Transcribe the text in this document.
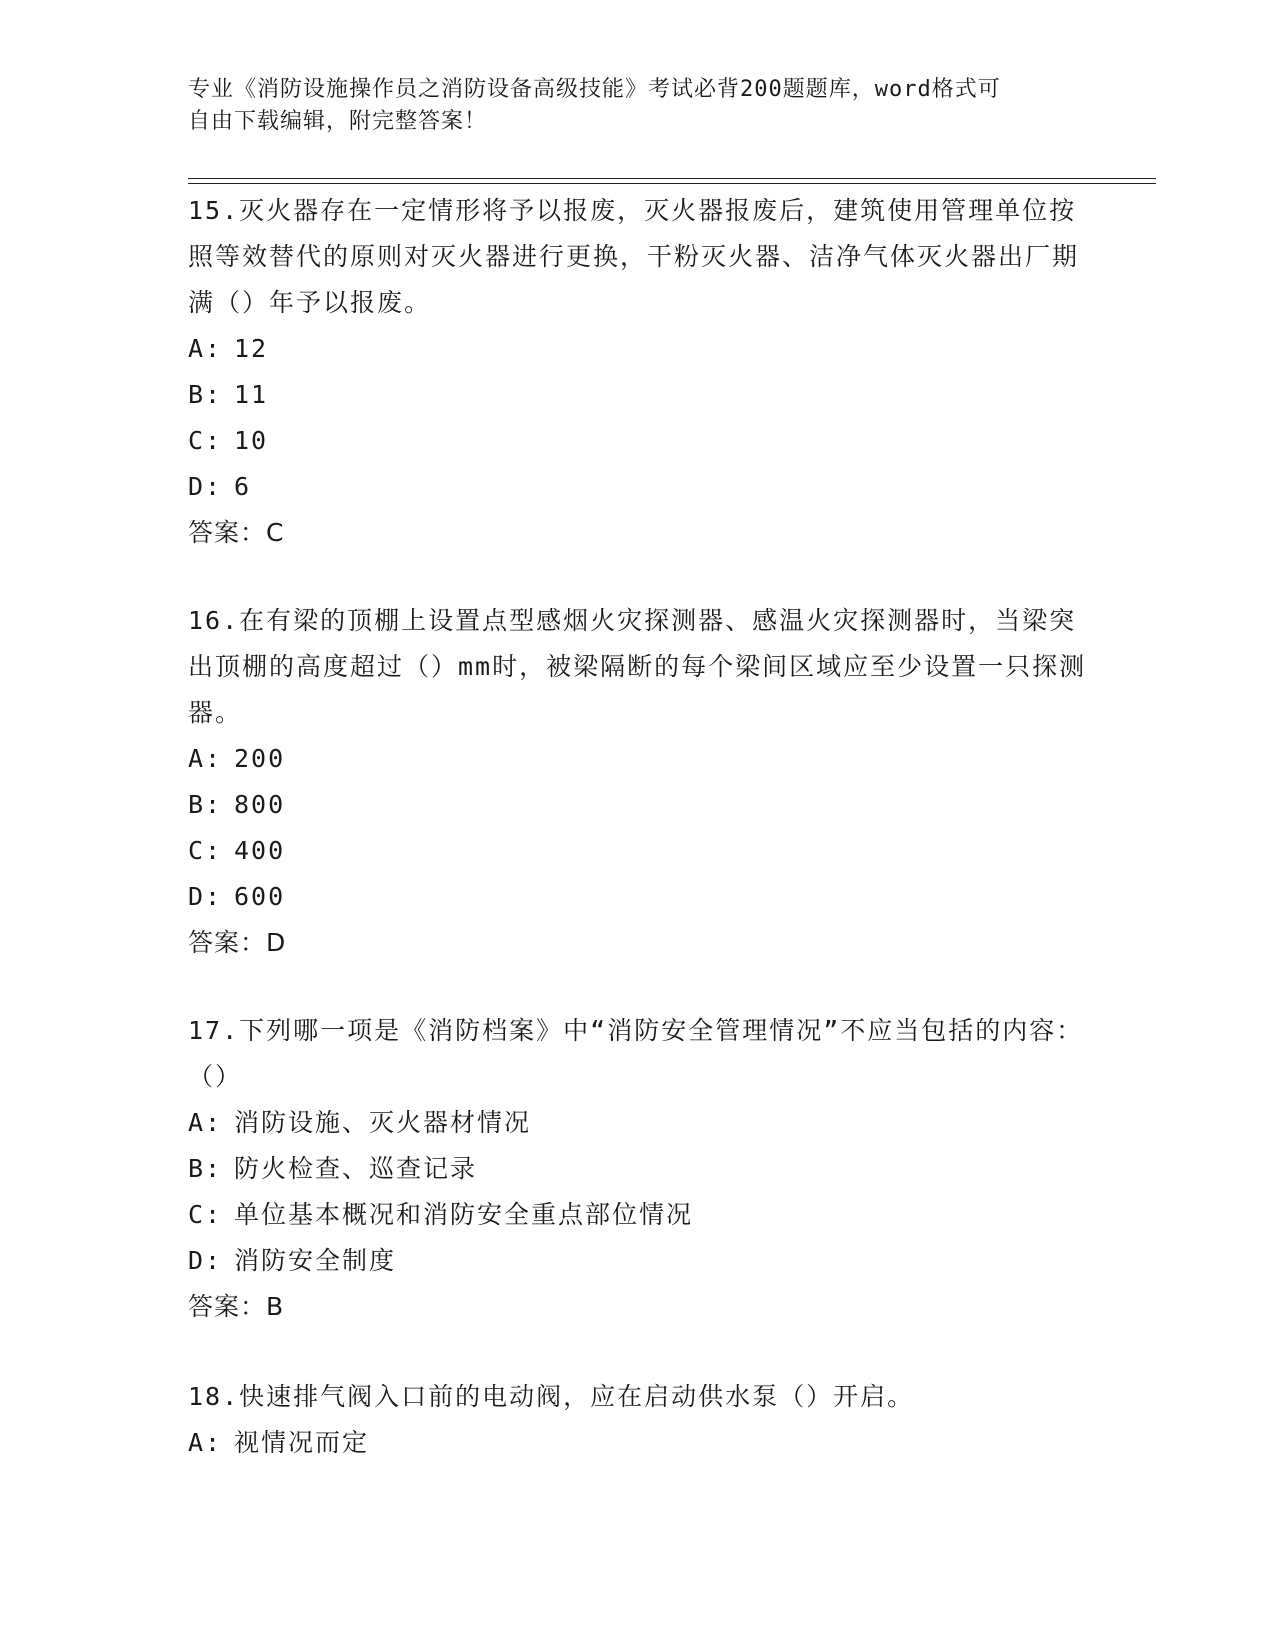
专业《消防设施操作员之消防设备高级技能》考试必背200题题库，word格式可
自由下载编辑，附完整答案！

15.灭火器存在一定情形将予以报废，灭火器报废后，建筑使用管理单位按照等效替代的原则对灭火器进行更换，干粉灭火器、洁净气体灭火器出厂期满（）年予以报废。

A: 12
B: 11
C: 10
D: 6

答案：C

16.在有梁的顶棚上设置点型感烟火灾探测器、感温火灾探测器时，当梁突出顶棚的高度超过（）mm时，被梁隔断的每个梁间区域应至少设置一只探测器。

A: 200
B: 800
C: 400
D: 600

答案：D

17.下列哪一项是《消防档案》中“消防安全管理情况”不应当包括的内容：（）

A: 消防设施、灭火器材情况
B: 防火检查、巡查记录
C: 单位基本概况和消防安全重点部位情况
D: 消防安全制度

答案：B

18.快速排气阀入口前的电动阀，应在启动供水泵（）开启。

A: 视情况而定
